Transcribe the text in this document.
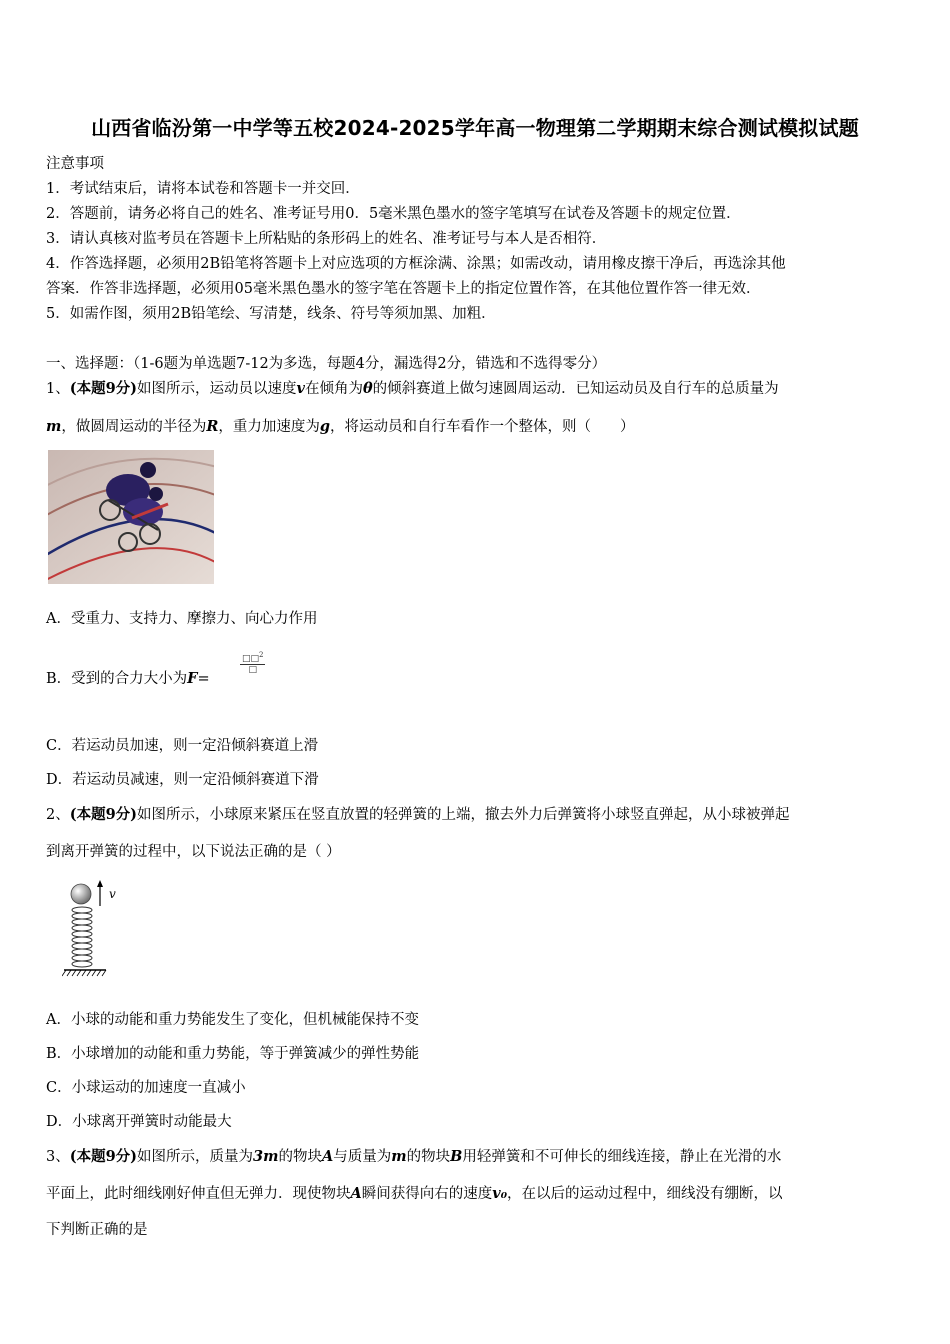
山西省临汾第一中学等五校2024-2025学年高一物理第二学期期末综合测试模拟试题
注意事项
1．考试结束后，请将本试卷和答题卡一并交回．
2．答题前，请务必将自己的姓名、准考证号用0．5毫米黑色墨水的签字笔填写在试卷及答题卡的规定位置．
3．请认真核对监考员在答题卡上所粘贴的条形码上的姓名、准考证号与本人是否相符．
4．作答选择题，必须用2B铅笔将答题卡上对应选项的方框涂满、涂黑；如需改动，请用橡皮擦干净后，再选涂其他
答案．作答非选择题，必须用05毫米黑色墨水的签字笔在答题卡上的指定位置作答，在其他位置作答一律无效．
5．如需作图，须用2B铅笔绘、写清楚，线条、符号等须加黑、加粗．
一、选择题：（1-6题为单选题7-12为多选，每题4分，漏选得2分，错选和不选得零分）
1、(本题9分)如图所示，运动员以速度v在倾角为θ的倾斜赛道上做匀速圆周运动．已知运动员及自行车的总质量为
m，做圆周运动的半径为R，重力加速度为g，将运动员和自行车看作一个整体，则（　　）
A．受重力、支持力、摩擦力、向心力作用
B．受到的合力大小为F=
□□$^2$
□
C．若运动员加速，则一定沿倾斜赛道上滑
D．若运动员减速，则一定沿倾斜赛道下滑
2、(本题9分)如图所示，小球原来紧压在竖直放置的轻弹簧的上端，撤去外力后弹簧将小球竖直弹起，从小球被弹起
到离开弹簧的过程中，以下说法正确的是（ ）
v
A．小球的动能和重力势能发生了变化，但机械能保持不变
B．小球增加的动能和重力势能，等于弹簧减少的弹性势能
C．小球运动的加速度一直减小
D．小球离开弹簧时动能最大
3、(本题9分)如图所示，质量为3m的物块A与质量为m的物块B用轻弹簧和不可伸长的细线连接，静止在光滑的水
平面上，此时细线刚好伸直但无弹力．现使物块A瞬间获得向右的速度v₀，在以后的运动过程中，细线没有绷断，以
下判断正确的是
